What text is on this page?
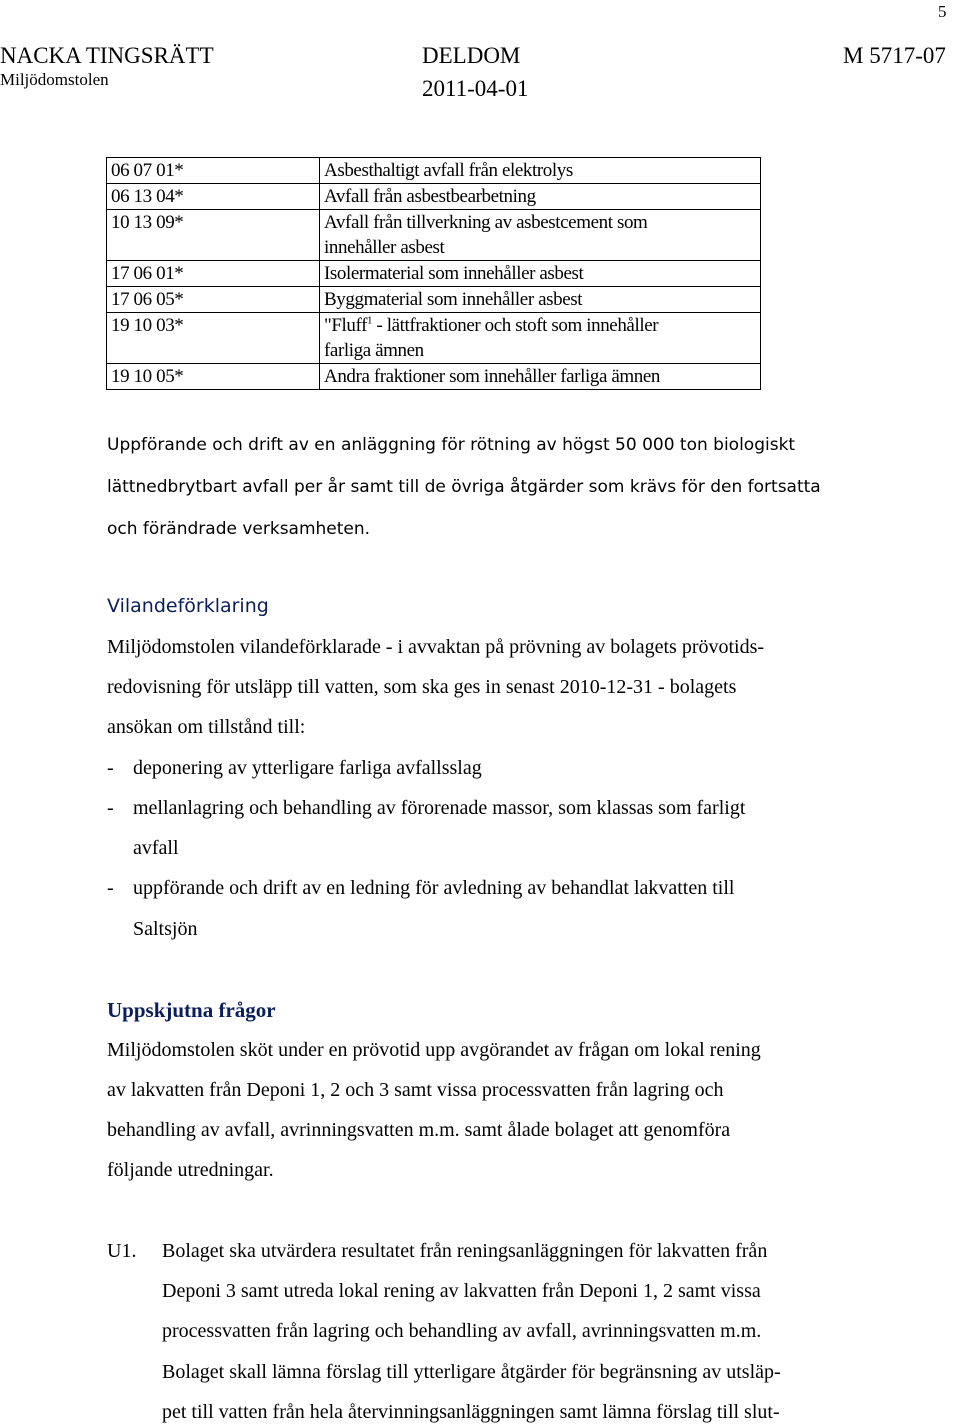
5
NACKA TINGSRÄTT
Miljödomstolen
DELDOM
2011-04-01
M 5717-07
06 07 01*	Asbesthaltigt avfall från elektrolys
06 13 04*	Avfall från asbestbearbetning
10 13 09*	Avfall från tillverkning av asbestcement som
innehåller asbest
17 06 01*	Isolermaterial som innehåller asbest
17 06 05*	Byggmaterial som innehåller asbest
19 10 03*	"Fluff$^1$ - lättfraktioner och stoft som innehåller
farliga ämnen
19 10 05*	Andra fraktioner som innehåller farliga ämnen
Uppförande och drift av en anläggning för rötning av högst 50 000 ton biologiskt
lättnedbrytbart avfall per år samt till de övriga åtgärder som krävs för den fortsatta
och förändrade verksamheten.
Vilandeförklaring
Miljödomstolen vilandeförklarade - i avvaktan på prövning av bolagets prövotids-
redovisning för utsläpp till vatten, som ska ges in senast 2010-12-31 - bolagets
ansökan om tillstånd till:
- deponering av ytterligare farliga avfallsslag
- mellanlagring och behandling av förorenade massor, som klassas som farligt
avfall
- uppförande och drift av en ledning för avledning av behandlat lakvatten till
Saltsjön
Uppskjutna frågor
Miljödomstolen sköt under en prövotid upp avgörandet av frågan om lokal rening
av lakvatten från Deponi 1, 2 och 3 samt vissa processvatten från lagring och
behandling av avfall, avrinningsvatten m.m. samt ålade bolaget att genomföra
följande utredningar.
U1. Bolaget ska utvärdera resultatet från reningsanläggningen för lakvatten från
Deponi 3 samt utreda lokal rening av lakvatten från Deponi 1, 2 samt vissa
processvatten från lagring och behandling av avfall, avrinningsvatten m.m.
Bolaget skall lämna förslag till ytterligare åtgärder för begränsning av utsläp-
pet till vatten från hela återvinningsanläggningen samt lämna förslag till slut-
